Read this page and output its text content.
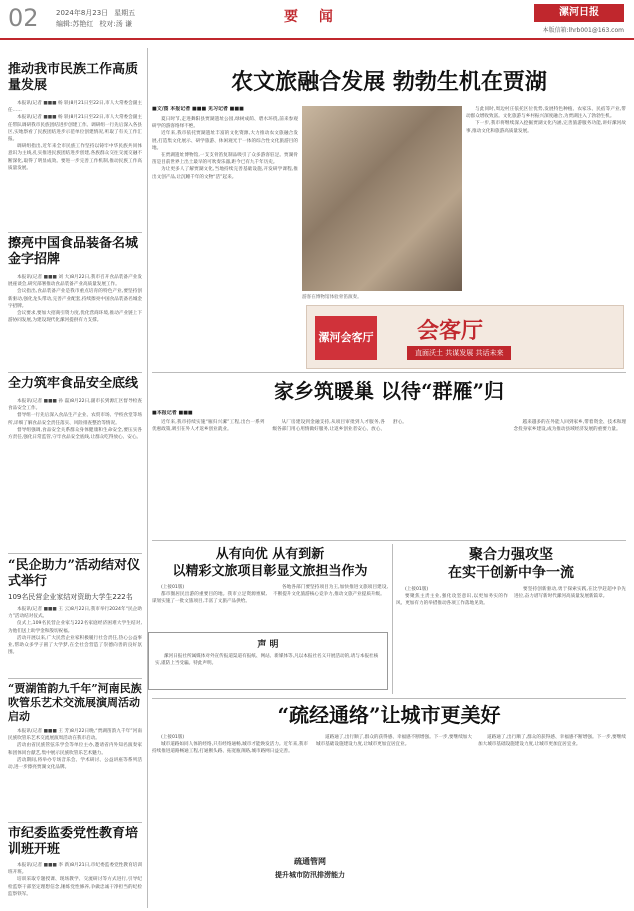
02 2024年8月23日 星期五
编辑:苏艳红 校对:汤 谦	要 闻	漯河日报
本版信箱:lhrb001@163.com
推动我市民族工作高质量发展

本报讯(记者 ■■■ 杨 轶)8月21日至22日,市人大常委会副主任……

本报讯(记者 ■■■ 杨 轶)8月21日至22日,市人大常委会副主任带队调研我市民族团结进步创建工作。调研组一行先后深入各县区,实地察看了民族团结进步示范单位创建情况,听取了有关工作汇报。

调研组指出,近年来全市民族工作坚持以铸牢中华民族共同体意识为主线,扎实推进民族团结进步创建,各族群众交往交流交融不断深化,取得了明显成效。要进一步完善工作机制,推动民族工作高质量发展。

擦亮中国食品装备名城金字招牌

本报讯(记者 ■■■ 刘 大)8月22日,我市召开食品装备产业发展座谈会,研究部署推动食品装备产业高质量发展工作。

会议指出,食品装备产业是我市重点培育的特色产业,要坚持创新驱动,强化龙头带动,完善产业配套,持续擦亮中国食品装备名城金字招牌。

会议要求,要加大招商引资力度,优化营商环境,推动产业链上下游协同发展,为建设现代化漯河提供有力支撑。

全力筑牢食品安全底线

本报讯(记者 ■■■ 孙 磊)8月22日,副市长到源汇区督导检查食品安全工作。

督导组一行先后深入食品生产企业、农贸市场、学校食堂等场所,详细了解食品安全责任落实、风险排查整治等情况。

督导组强调,食品安全关系群众身体健康和生命安全,要压实各方责任,强化日常监管,守牢食品安全底线,让群众吃得放心、安心。

“民企助力”活动结对仪式举行
109名民营企业家结对资助大学生222名

本报讯(记者 ■■■ 王 云)8月22日,我市举行2024年“民企助力”活动结对仪式。

仪式上,109名民营企业家与222名家庭经济困难大学生结对,为他们送上助学金和殷切祝福。

活动开展以来,广大民营企业家积极履行社会责任,热心公益事业,帮助众多学子圆了大学梦,在全社会营造了崇德向善的良好氛围。

“贾湖笛韵九千年”河南民族吹管乐艺术交流展演周活动启动

本报讯(记者 ■■■ 王 芳)8月22日晚,“贾湖笛韵九千年”河南民族吹管乐艺术交流展演周活动在我市启动。

活动由省民族管弦乐学会等单位主办,邀请省内外知名演奏家和团体同台献艺,集中展示民族吹管乐艺术魅力。

活动期间,将举办专场音乐会、学术研讨、公益讲座等系列活动,进一步擦亮贾湖文化品牌。

市纪委监委党性教育培训班开班

本报讯(记者 ■■■ 李 新)8月21日,市纪委监委党性教育培训班开班。

培训采取专题授课、现场教学、交流研讨等方式进行,引导纪检监察干部坚定理想信念,锤炼党性修养,争做忠诚干净担当的纪检监察铁军。

农文旅融合发展 勃勃生机在贾湖
■文/图 本报记者 ■■■ 见习记者 ■■■

夏日时节,走进舞阳县贾湖遗址公园,绿树成荫、碧水环绕,前来参观研学的游客络绎不绝。

近年来,我市依托贾湖遗址丰富的文化资源,大力推动农文旅融合发展,打造集文化展示、研学旅游、休闲观光于一体的综合性文化旅游目的地。

在贾湖遗址博物馆,一支支骨笛复制品吸引了众多游客驻足。贾湖骨笛是目前世界上出土最早的可吹奏乐器,距今已有九千年历史。

为让更多人了解贾湖文化,当地持续完善基础设施,开发研学课程,推出文创产品,让沉睡千年的文物“活”起来。

游客在博物馆体验骨笛演奏。

与此同时,周边村庄依托区位优势,发展特色种植、农家乐、民宿等产业,带动群众增收致富。文化旅游与乡村振兴深度融合,为贾湖注入了勃勃生机。

下一步,我市将继续深入挖掘贾湖文化内涵,完善旅游服务功能,讲好漯河故事,推动文化和旅游高质量发展。

漯河会客厅 会客厅
直面沃土 共谋发展 共话未来
家乡筑暖巢 以待“群雁”归
■本报记者 ■■■

近年来,我市持续实施“雁归兴漯”工程,出台一系列优惠政策,吸引在外人才返乡创业就业。

从厂房建设到金融支持,从项目审批到人才服务,各级各部门用心用情做好服务,让返乡创业者安心、放心、舒心。	越来越多的在外能人回到家乡,带着资金、技术和理念投身家乡建设,成为推动县域经济发展的重要力量。

从有向优 从有到新
以精彩文旅项目彰显文旅担当作为

(上接01版)

都市圈居民出游的重要目的地。我市立足资源禀赋,谋划实施了一批文旅项目,丰富了文旅产品供给。

各地各部门要坚持项目为王,加快推进文旅项目建设,不断提升文化旅游核心竞争力,推动文旅产业提质升级。

声 明
漯河日报社所属媒体对外宣传报道渠道有报纸、网站、新媒体等,凡以本报社名义开展活动的,请与本报社核实,谨防上当受骗。特此声明。
聚合力强攻坚
在实干创新中争一流

(上接01版)

要聚焦主责主业,强化攻坚意识,以更加务实的作风、更加有力的举措推动各项工作落地见效。

要坚持创新驱动,勇于探索实践,在比学赶超中争先进位,奋力谱写新时代漯河高质量发展新篇章。

“疏经通络”让城市更美好

(上接01版)

城市道路如同人体的经络,只有经络通畅,城市才能焕发活力。近年来,我市持续推进道路畅通工程,打通断头路、拓宽瓶颈路,城市路网日益完善。

道路通了,出行顺了,群众的获得感、幸福感不断增强。下一步,要继续加大城市基础设施建设力度,让城市更加宜居宜业。

疏通管网
提升城市防汛排涝能力

道路通了,出行顺了,群众的获得感、幸福感不断增强。下一步,要继续加大城市基础设施建设力度,让城市更加宜居宜业。
